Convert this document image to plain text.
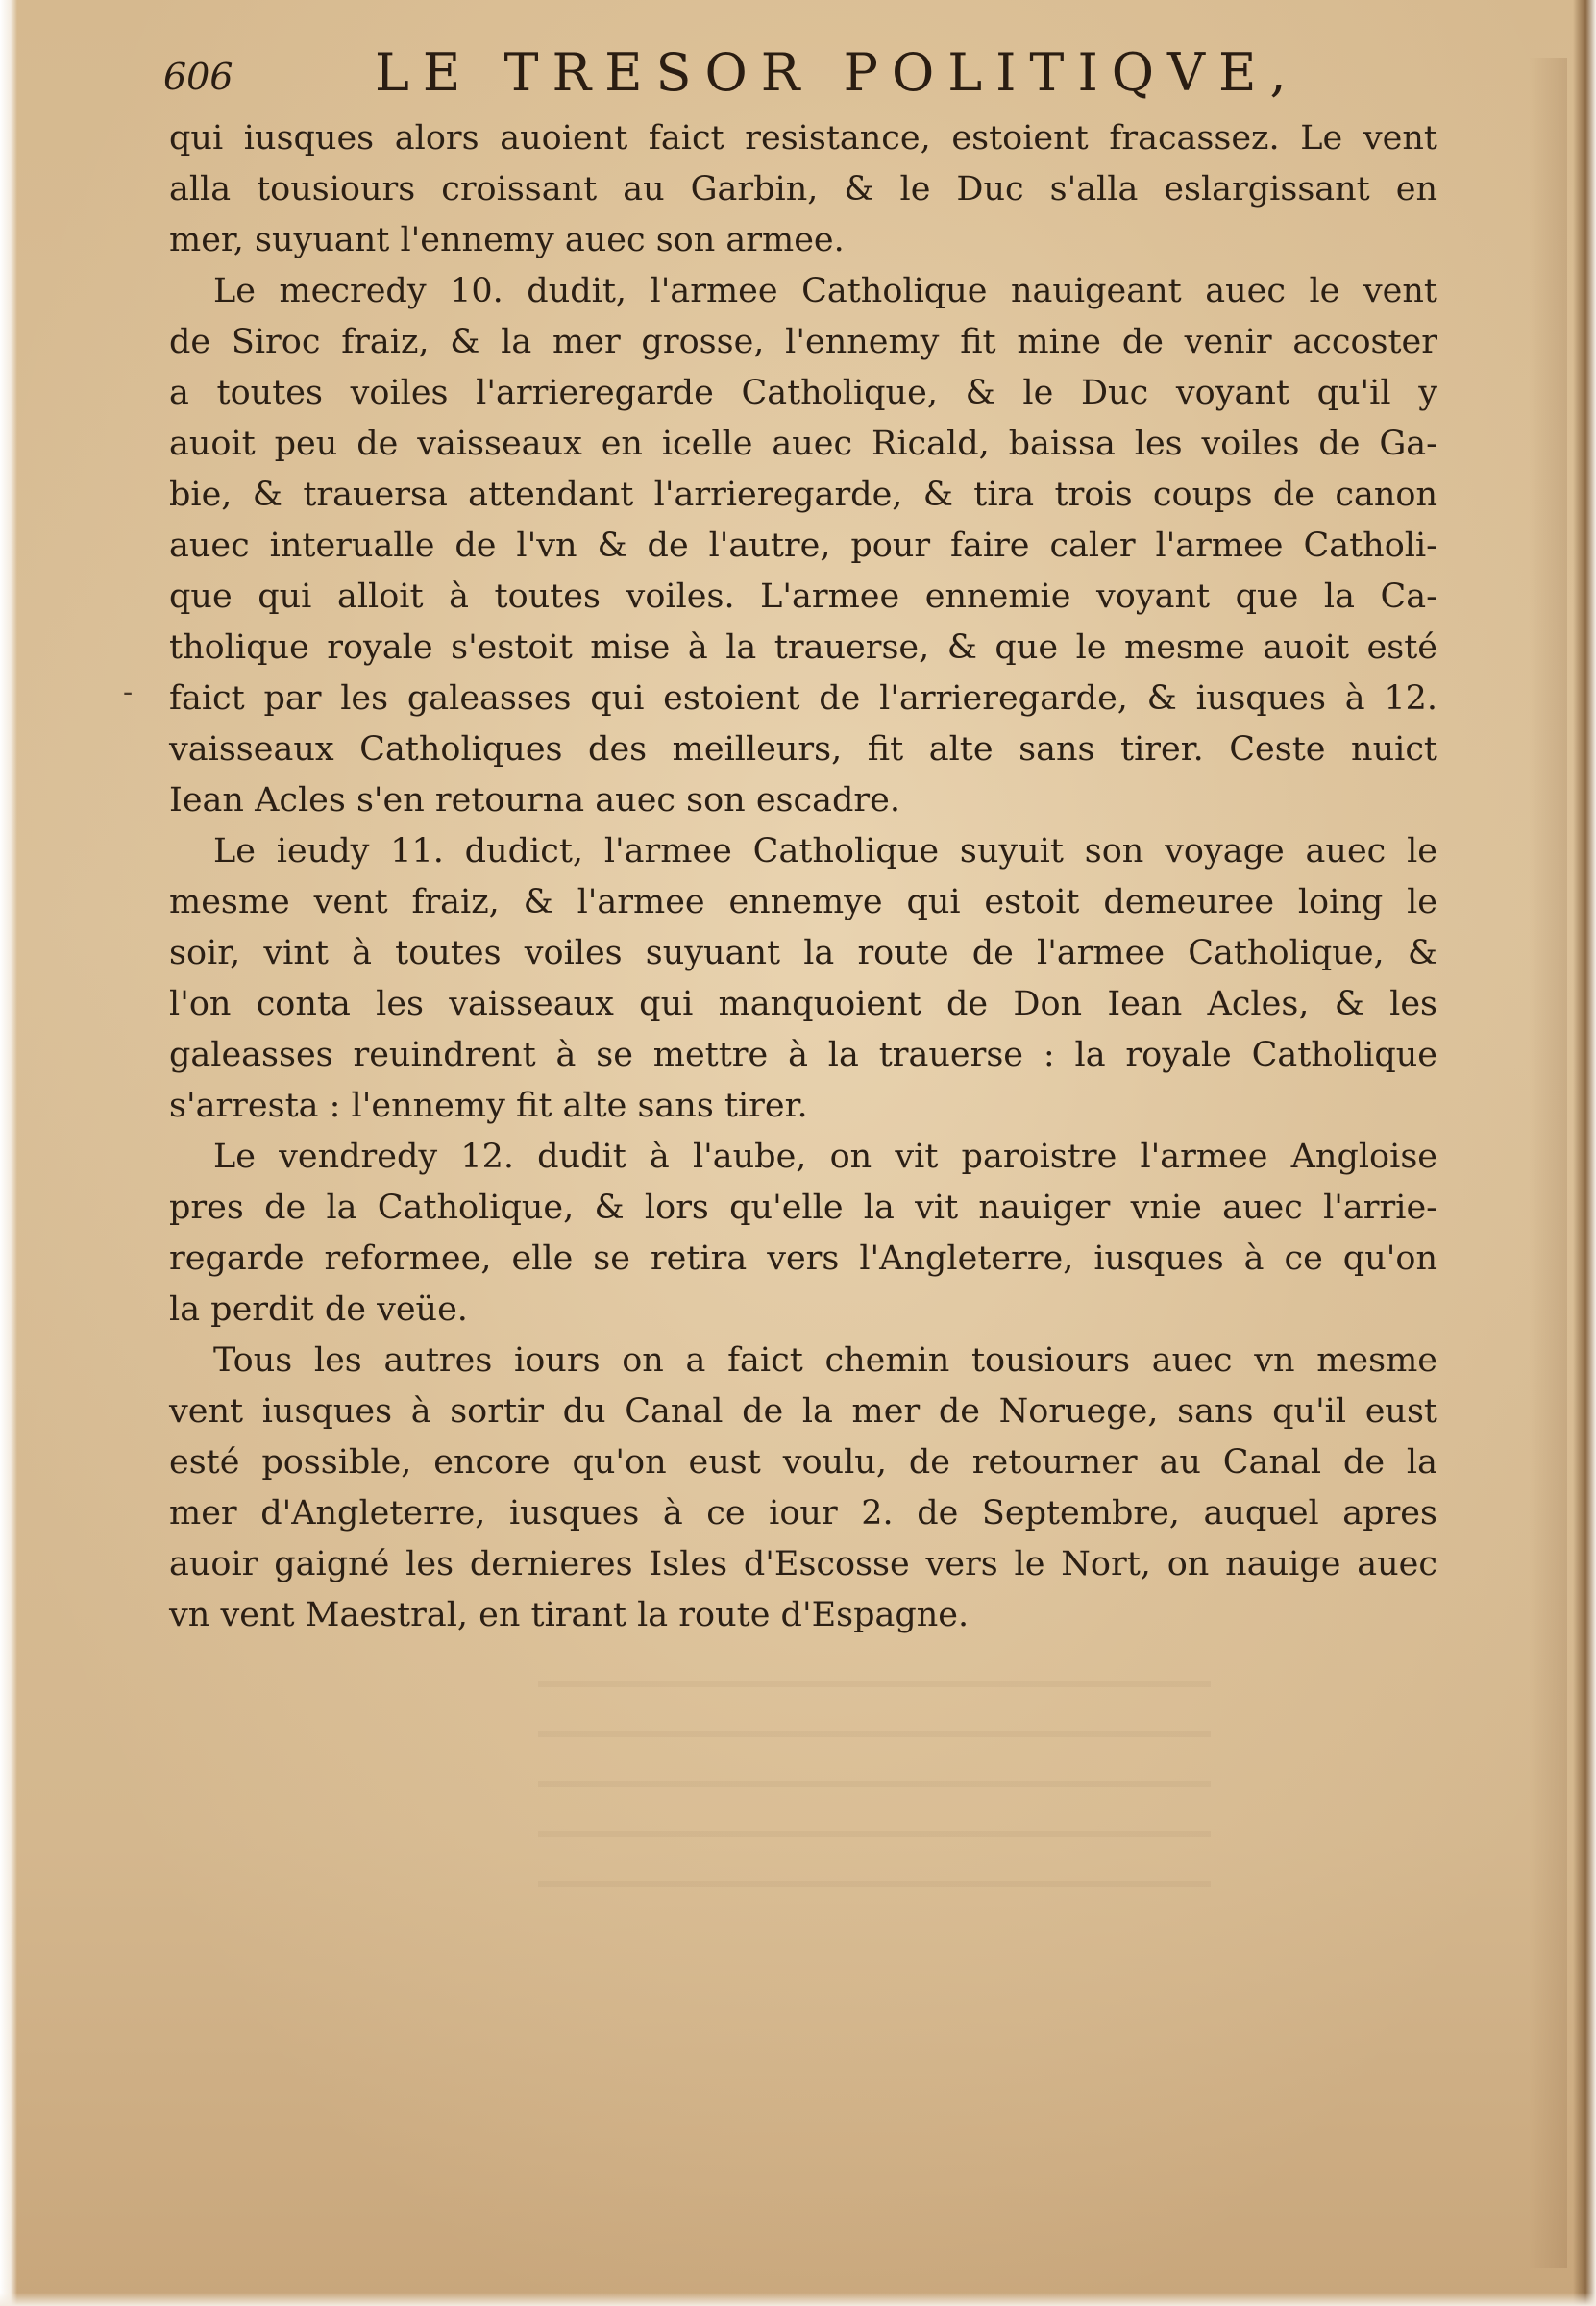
606	LE TRESOR POLITIQVE,
-

qui iusques alors auoient faict resistance, estoient fracassez. Le vent
alla tousiours croissant au Garbin, & le Duc s'alla eslargissant en
mer, suyuant l'ennemy auec son armee.

Le mecredy 10. dudit, l'armee Catholique nauigeant auec le vent
de Siroc fraiz, & la mer grosse, l'ennemy fit mine de venir accoster
a toutes voiles l'arrieregarde Catholique, & le Duc voyant qu'il y
auoit peu de vaisseaux en icelle auec Ricald, baissa les voiles de Ga-
bie, & trauersa attendant l'arrieregarde, & tira trois coups de canon
auec interualle de l'vn & de l'autre, pour faire caler l'armee Catholi-
que qui alloit à toutes voiles. L'armee ennemie voyant que la Ca-
tholique royale s'estoit mise à la trauerse, & que le mesme auoit esté
faict par les galeasses qui estoient de l'arrieregarde, & iusques à 12.
vaisseaux Catholiques des meilleurs, fit alte sans tirer. Ceste nuict
Iean Acles s'en retourna auec son escadre.

Le ieudy 11. dudict, l'armee Catholique suyuit son voyage auec le
mesme vent fraiz, & l'armee ennemye qui estoit demeuree loing le
soir, vint à toutes voiles suyuant la route de l'armee Catholique, &
l'on conta les vaisseaux qui manquoient de Don Iean Acles, & les
galeasses reuindrent à se mettre à la trauerse : la royale Catholique
s'arresta : l'ennemy fit alte sans tirer.

Le vendredy 12. dudit à l'aube, on vit paroistre l'armee Angloise
pres de la Catholique, & lors qu'elle la vit nauiger vnie auec l'arrie-
regarde reformee, elle se retira vers l'Angleterre, iusques à ce qu'on
la perdit de veüe.

Tous les autres iours on a faict chemin tousiours auec vn mesme
vent iusques à sortir du Canal de la mer de Noruege, sans qu'il eust
esté possible, encore qu'on eust voulu, de retourner au Canal de la
mer d'Angleterre, iusques à ce iour 2. de Septembre, auquel apres
auoir gaigné les dernieres Isles d'Escosse vers le Nort, on nauige auec
vn vent Maestral, en tirant la route d'Espagne.
